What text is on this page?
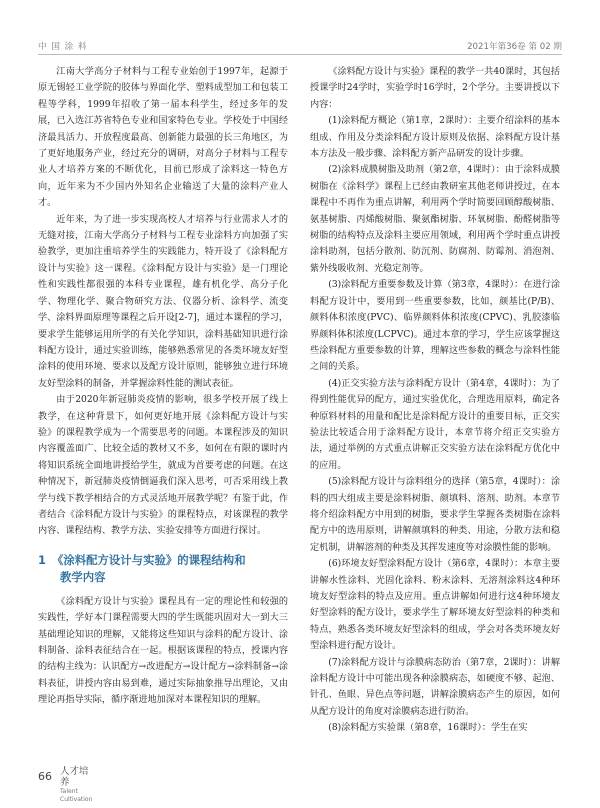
中 国 涂 料	2021年第36卷 第 02 期

江南大学高分子材料与工程专业始创于1997年，起源于原无锡轻工业学院的胶体与界面化学、塑料成型加工和包装工程等学科，1999年招收了第一届本科学生，经过多年的发展，已入选江苏省特色专业和国家特色专业。学校处于中国经济最具活力、开放程度最高、创新能力最强的长三角地区，为了更好地服务产业，经过充分的调研，对高分子材料与工程专业人才培养方案的不断优化，目前已形成了涂料这一特色方向，近年来为不少国内外知名企业输送了大量的涂料产业人才。

近年来，为了进一步实现高校人才培养与行业需求人才的无缝对接，江南大学高分子材料与工程专业涂料方向加强了实验教学，更加注重培养学生的实践能力，特开设了《涂料配方设计与实验》这一课程。《涂料配方设计与实验》是一门理论性和实践性都很强的本科专业课程，雄有机化学、高分子化学、物理化学、聚合物研究方法、仪器分析、涂料学、流变学、涂料界面原理等课程之后开设[2-7]，通过本课程的学习，要求学生能够运用所学的有关化学知识，涂料基础知识进行涂料配方设计，通过实验训练，能够熟悉常见的各类环境友好型涂料的使用环境、要求以及配方设计原则，能够独立进行环境友好型涂料的制备，并掌握涂料性能的测试表征。

由于2020年新冠肺炎疫情的影响，很多学校开展了线上教学，在这种背景下，如何更好地开展《涂料配方设计与实验》的课程教学成为一个需要思考的问题。本课程涉及的知识内容覆盖面广、比较全适的教材又不多，如何在有限的课时内将知识系统全面地讲授给学生，就成为首要考虑的问题。在这种情况下，新冠肺炎疫情倒逼我们深入思考，可否采用线上教学与线下教学相结合的方式灵活地开展教学呢？有鉴于此，作者结合《涂料配方设计与实验》的课程特点，对该课程的教学内容、课程结构、教学方法、实验安排等方面进行探讨。

1 《涂料配方设计与实验》的课程结构和
教学内容

《涂料配方设计与实验》课程具有一定的理论性和较强的实践性，学好本门课程需要大四的学生既能巩固对大一到大三基础理论知识的理解，又能将这些知识与涂料的配方设计、涂料制备、涂料表征结合在一起。根据该课程的特点，授课内容的结构主线为：认识配方→改进配方→设计配方→涂料制备→涂料表征，讲授内容由易到难，通过实际抽象推导出理论，又由理论再指导实际，循序渐进地加深对本课程知识的理解。

《涂料配方设计与实验》课程的教学一共40课时，其包括授课学时24学时，实验学时16学时，2个学分。主要讲授以下内容：

(1)涂料配方概论（第1章，2课时）：主要介绍涂料的基本组成、作用及分类涂料配方设计原则及依据、涂料配方设计基本方法及一般步骤、涂料配方新产品研发的设计步骤。

(2)涂料成膜树脂及助剂（第2章，4课时）：由于涂料成膜树脂在《涂料学》课程上已经由教研室其他老师讲授过，在本课程中不再作为重点讲解，利用两个学时简要回顾醇酸树脂、氨基树脂、丙烯酸树脂、聚氨酯树脂、环氧树脂、酚醛树脂等树脂的结构特点及涂料主要应用领域，利用两个学时重点讲授涂料助剂，包括分散剂、防沉剂、防腐剂、防霉剂、消泡剂、紫外线吸收剂、光稳定剂等。

(3)涂料配方重要参数及计算（第3章，4课时）：在进行涂料配方设计中，要用到一些重要参数，比如，颜基比(P/B)、颜料体积浓度(PVC)、临界颜料体积浓度(CPVC)、乳胶漆临界颜料体积浓度(LCPVC)。通过本章的学习，学生应该掌握这些涂料配方重要参数的计算，理解这些参数的概念与涂料性能之间的关系。

(4)正交实验方法与涂料配方设计（第4章，4课时）：为了得到性能优异的配方，通过实验优化，合理选用原料，确定各种原料材料的用量和配比是涂料配方设计的重要目标，正交实验法比较适合用于涂料配方设计，本章节将介绍正交实验方法，通过举例的方式重点讲解正交实验方法在涂料配方优化中的应用。

(5)涂料配方设计与涂料组分的选择（第5章，4课时）：涂料的四大组成主要是涂料树脂、颜填料、溶剂、助剂。本章节将介绍涂料配方中用到的树脂，要求学生掌握各类树脂在涂料配方中的选用原则，讲解颜填料的种类、用途，分散方法和稳定机制，讲解溶剂的种类及其挥发速度等对涂膜性能的影响。

(6)环境友好型涂料配方设计（第6章，4课时）：本章主要讲解水性涂料、光固化涂料、粉末涂料、无溶剂涂料这4种环境友好型涂料的特点及应用。重点讲解如何进行这4种环境友好型涂料的配方设计，要求学生了解环境友好型涂料的种类和特点，熟悉各类环境友好型涂料的组成，学会对各类环境友好型涂料进行配方设计。

(7)涂料配方设计与涂膜病态防治（第7章，2课时）：讲解涂料配方设计中可能出现各种涂膜病态，如硬度不够、起泡、针孔、鱼眼、异色点等问题，讲解涂膜病态产生的原因，如何从配方设计的角度对涂膜病态进行防治。

(8)涂料配方实验课（第8章，16课时）：学生在实

66 人才培养
Talent Cultivation
